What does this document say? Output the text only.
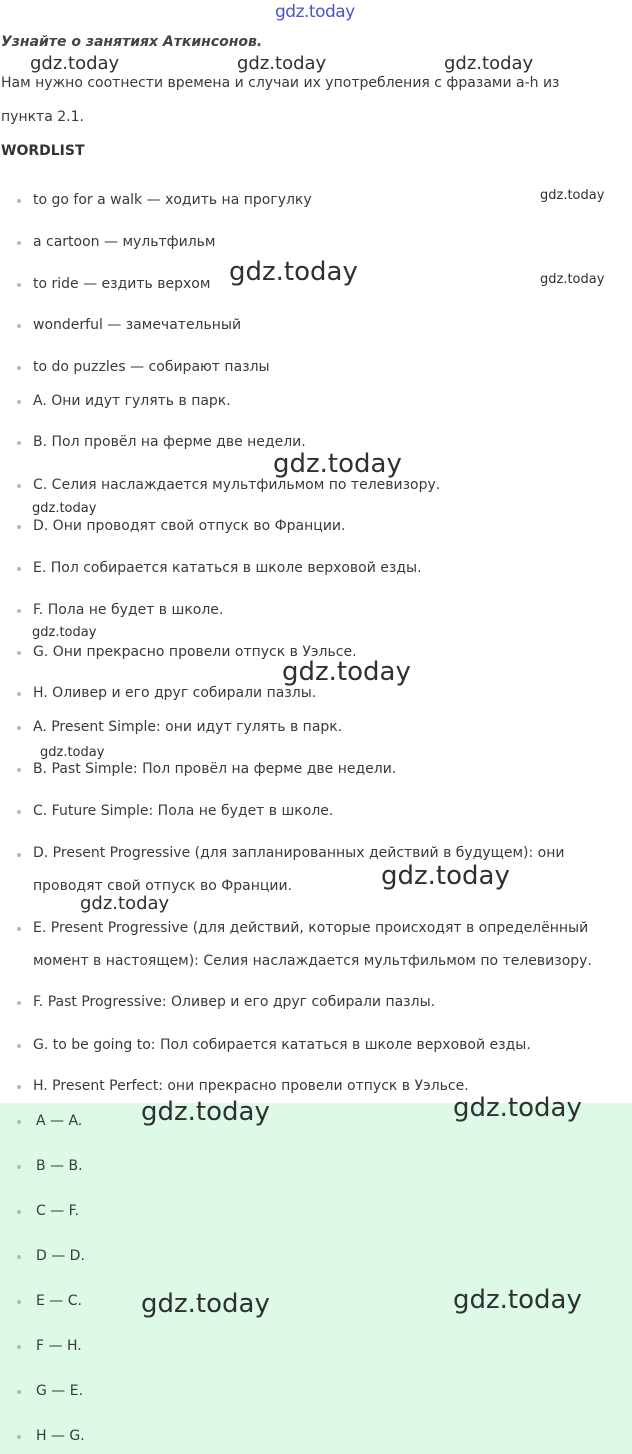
gdz.today
Узнайте о занятиях Аткинсонов.
Нам нужно соотнести времена и случаи их употребления с фразами a-h из
пункта 2.1.
WORDLIST
to go for a walk — ходить на прогулку
a cartoon — мультфильм
to ride — ездить верхом
wonderful — замечательный
to do puzzles — собирают пазлы
A. Они идут гулять в парк.
B. Пол провёл на ферме две недели.
C. Селия наслаждается мультфильмом по телевизору.
D. Они проводят свой отпуск во Франции.
E. Пол собирается кататься в школе верховой езды.
F. Пола не будет в школе.
G. Они прекрасно провели отпуск в Уэльсе.
H. Оливер и его друг собирали пазлы.
A. Present Simple: они идут гулять в парк.
B. Past Simple: Пол провёл на ферме две недели.
C. Future Simple: Пола не будет в школе.
D. Present Progressive (для запланированных действий в будущем): они
проводят свой отпуск во Франции.
E. Present Progressive (для действий, которые происходят в определённый
момент в настоящем): Селия наслаждается мультфильмом по телевизору.
F. Past Progressive: Оливер и его друг собирали пазлы.
G. to be going to: Пол собирается кататься в школе верховой езды.
H. Present Perfect: они прекрасно провели отпуск в Уэльсе.
A — A.
B — B.
C — F.
D — D.
E — C.
F — H.
G — E.
H — G.
gdz.today	gdz.today	gdz.today
gdz.today
gdz.today	gdz.today
gdz.today
gdz.today
gdz.today
gdz.today
gdz.today
gdz.today
gdz.today
gdz.today	gdz.today
gdz.today	gdz.today
